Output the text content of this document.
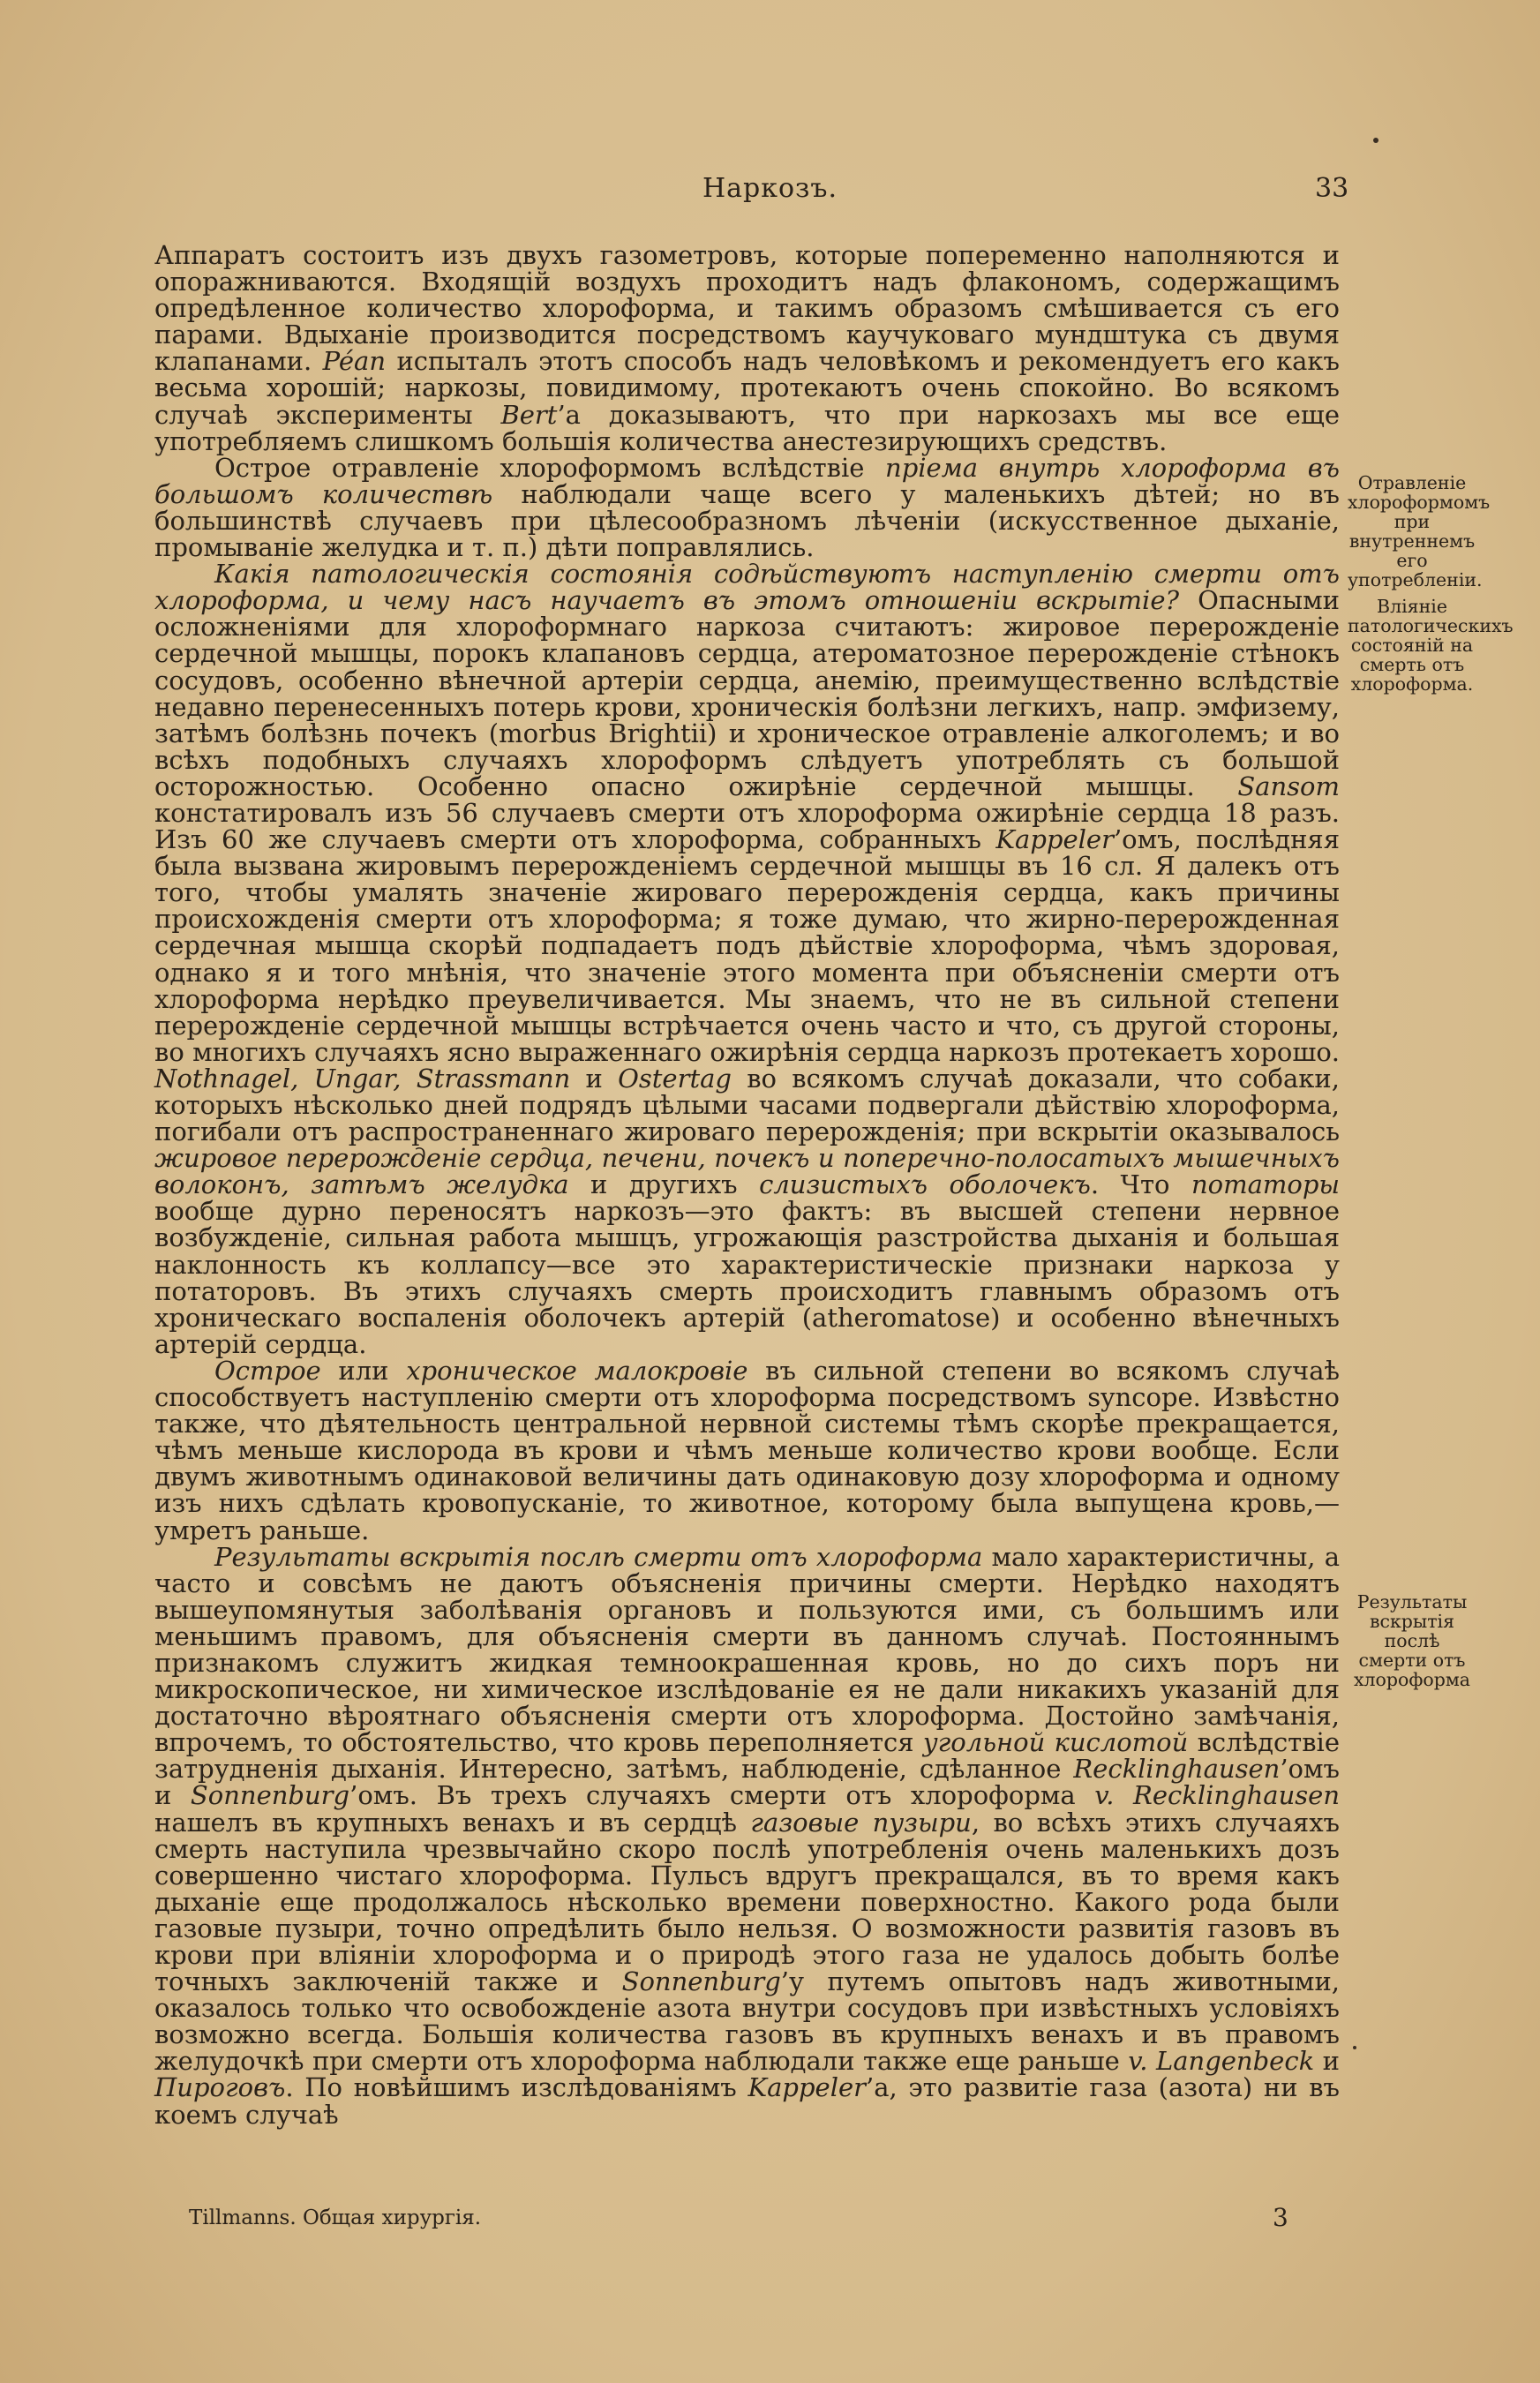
Наркозъ.	33

Аппаратъ состоитъ изъ двухъ газометровъ, которые попеременно наполняются и опоражниваются. Входящій воздухъ проходитъ надъ флакономъ, содержащимъ опредѣленное количество хлороформа, и такимъ образомъ смѣшивается съ его парами. Вдыханіе производится посредствомъ каучуковаго мундштука съ двумя клапанами. Péan испыталъ этотъ способъ надъ человѣкомъ и рекомендуетъ его какъ весьма хорошій; наркозы, повидимому, протекаютъ очень спокойно. Во всякомъ случаѣ эксперименты Bert’а доказываютъ, что при наркозахъ мы все еще употребляемъ слишкомъ большія количества анестезирующихъ средствъ.

Острое отравленіе хлороформомъ вслѣдствіе пріема внутрь хлороформа въ большомъ количествѣ наблюдали чаще всего у маленькихъ дѣтей; но въ большинствѣ случаевъ при цѣлесообразномъ лѣченіи (искусственное дыханіе, промываніе желудка и т. п.) дѣти поправлялись.

Какія патологическія состоянія содѣйствуютъ наступленію смерти отъ хлороформа, и чему насъ научаетъ въ этомъ отношеніи вскрытіе? Опасными осложненіями для хлороформнаго наркоза считаютъ: жировое перерожденіе сердечной мышцы, порокъ клапановъ сердца, атероматозное перерожденіе стѣнокъ сосудовъ, особенно вѣнечной артеріи сердца, анемію, преимущественно вслѣдствіе недавно перенесенныхъ потерь крови, хроническія болѣзни легкихъ, напр. эмфизему, затѣмъ болѣзнь почекъ (morbus Brightii) и хроническое отравленіе алкоголемъ; и во всѣхъ подобныхъ случаяхъ хлороформъ слѣдуетъ употреблять съ большой осторожностью. Особенно опасно ожирѣніе сердечной мышцы. Sansom констатировалъ изъ 56 случаевъ смерти отъ хлороформа ожирѣніе сердца 18 разъ. Изъ 60 же случаевъ смерти отъ хлороформа, собранныхъ Kappeler’омъ, послѣдняя была вызвана жировымъ перерожденіемъ сердечной мышцы въ 16 сл. Я далекъ отъ того, чтобы умалять значеніе жироваго перерожденія сердца, какъ причины происхожденія смерти отъ хлороформа; я тоже думаю, что жирно-перерожденная сердечная мышца скорѣй подпадаетъ подъ дѣйствіе хлороформа, чѣмъ здоровая, однако я и того мнѣнія, что значеніе этого момента при объясненіи смерти отъ хлороформа нерѣдко преувеличивается. Мы знаемъ, что не въ сильной степени перерожденіе сердечной мышцы встрѣчается очень часто и что, съ другой стороны, во многихъ случаяхъ ясно выраженнаго ожирѣнія сердца наркозъ протекаетъ хорошо. Nothnagel, Ungar, Strassmann и Ostertag во всякомъ случаѣ доказали, что собаки, которыхъ нѣсколько дней подрядъ цѣлыми часами подвергали дѣйствію хлороформа, погибали отъ распространеннаго жироваго перерожденія; при вскрытіи оказывалось жировое перерожденіе сердца, печени, почекъ и поперечно-полосатыхъ мышечныхъ волоконъ, затѣмъ желудка и другихъ слизистыхъ оболочекъ. Что потаторы вообще дурно переносятъ наркозъ—это фактъ: въ высшей степени нервное возбужденіе, сильная работа мышцъ, угрожающія разстройства дыханія и большая наклонность къ коллапсу—все это характеристическіе признаки наркоза у потаторовъ. Въ этихъ случаяхъ смерть происходитъ главнымъ образомъ отъ хроническаго воспаленія оболочекъ артерій (atheromatose) и особенно вѣнечныхъ артерій сердца.

Острое или хроническое малокровіе въ сильной степени во всякомъ случаѣ способствуетъ наступленію смерти отъ хлороформа посредствомъ syncope. Извѣстно также, что дѣятельность центральной нервной системы тѣмъ скорѣе прекращается, чѣмъ меньше кислорода въ крови и чѣмъ меньше количество крови вообще. Если двумъ животнымъ одинаковой величины дать одинаковую дозу хлороформа и одному изъ нихъ сдѣлать кровопусканіе, то животное, которому была выпущена кровь,—умретъ раньше.

Результаты вскрытія послѣ смерти отъ хлороформа мало характеристичны, а часто и совсѣмъ не даютъ объясненія причины смерти. Нерѣдко находятъ вышеупомянутыя заболѣванія органовъ и пользуются ими, съ большимъ или меньшимъ правомъ, для объясненія смерти въ данномъ случаѣ. Постояннымъ признакомъ служитъ жидкая темноокрашенная кровь, но до сихъ поръ ни микроскопическое, ни химическое изслѣдованіе ея не дали никакихъ указаній для достаточно вѣроятнаго объясненія смерти отъ хлороформа. Достойно замѣчанія, впрочемъ, то обстоятельство, что кровь переполняется угольной кислотой вслѣдствіе затрудненія дыханія. Интересно, затѣмъ, наблюденіе, сдѣланное Recklinghausen’омъ и Sonnenburg’омъ. Въ трехъ случаяхъ смерти отъ хлороформа v. Recklinghausen нашелъ въ крупныхъ венахъ и въ сердцѣ газовые пузыри, во всѣхъ этихъ случаяхъ смерть наступила чрезвычайно скоро послѣ употребленія очень маленькихъ дозъ совершенно чистаго хлороформа. Пульсъ вдругъ прекращался, въ то время какъ дыханіе еще продолжалось нѣсколько времени поверхностно. Какого рода были газовые пузыри, точно опредѣлить было нельзя. О возможности развитія газовъ въ крови при вліяніи хлороформа и о природѣ этого газа не удалось добыть болѣе точныхъ заключеній также и Sonnenburg’у путемъ опытовъ надъ животными, оказалось только что освобожденіе азота внутри сосудовъ при извѣстныхъ условіяхъ возможно всегда. Большія количества газовъ въ крупныхъ венахъ и въ правомъ желудочкѣ при смерти отъ хлороформа наблюдали также еще раньше v. Langenbeck и Пироговъ. По новѣйшимъ изслѣдованіямъ Kappeler’а, это развитіе газа (азота) ни въ коемъ случаѣ

Отравленіе хлороформомъ при внутреннемъ его употребленіи.
Вліяніе патологическихъ состояній на смерть отъ хлороформа.
Результаты вскрытія послѣ смерти отъ хлороформа
Tillmanns. Общая хирургія.	3
